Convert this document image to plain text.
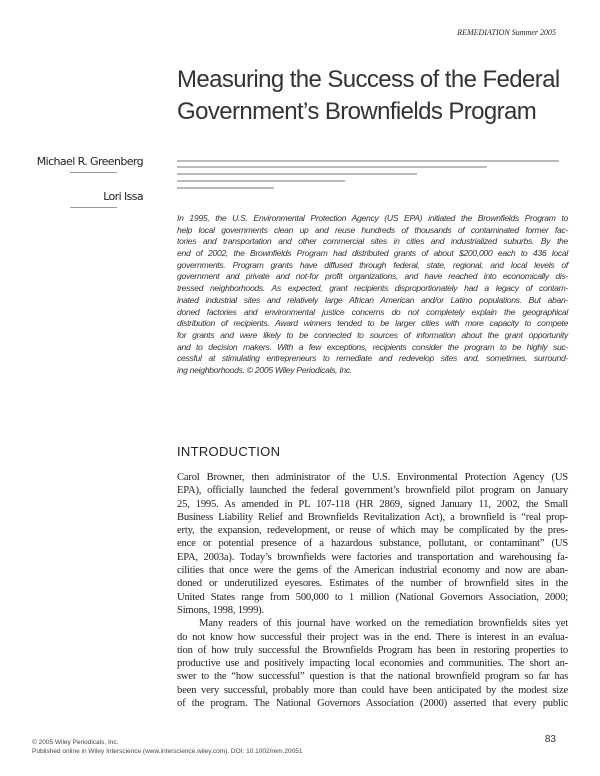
REMEDIATION Summer 2005
Measuring the Success of the Federal
Government’s Brownfields Program
Michael R. Greenberg
Lori Issa
In 1995, the U.S. Environmental Protection Agency (US EPA) initiated the Brownfields Program to
help local governments clean up and reuse hundreds of thousands of contaminated former fac-
tories and transportation and other commercial sites in cities and industrialized suburbs. By the
end of 2002, the Brownfields Program had distributed grants of about $200,000 each to 436 local
governments. Program grants have diffused through federal, state, regional, and local levels of
government and private and not-for profit organizations, and have reached into economically dis-
tressed neighborhoods. As expected, grant recipients disproportionately had a legacy of contam-
inated industrial sites and relatively large African American and/or Latino populations. But aban-
doned factories and environmental justice concerns do not completely explain the geographical
distribution of recipients. Award winners tended to be larger cities with more capacity to compete
for grants and were likely to be connected to sources of information about the grant opportunity
and to decision makers. With a few exceptions, recipients consider the program to be highly suc-
cessful at stimulating entrepreneurs to remediate and redevelop sites and, sometimes, surround-
ing neighborhoods. © 2005 Wiley Periodicals, Inc.
INTRODUCTION
Carol Browner, then administrator of the U.S. Environmental Protection Agency (US
EPA), officially launched the federal government’s brownfield pilot program on January
25, 1995. As amended in PL 107-118 (HR 2869, signed January 11, 2002, the Small
Business Liability Relief and Brownfields Revitalization Act), a brownfield is “real prop-
erty, the expansion, redevelopment, or reuse of which may be complicated by the pres-
ence or potential presence of a hazardous substance, pollutant, or contaminant” (US
EPA, 2003a). Today’s brownfields were factories and transportation and warehousing fa-
cilities that once were the gems of the American industrial economy and now are aban-
doned or underutilized eyesores. Estimates of the number of brownfield sites in the
United States range from 500,000 to 1 million (National Governors Association, 2000;
Simons, 1998, 1999).
Many readers of this journal have worked on the remediation brownfields sites yet
do not know how successful their project was in the end. There is interest in an evalua-
tion of how truly successful the Brownfields Program has been in restoring properties to
productive use and positively impacting local economies and communities. The short an-
swer to the “how successful” question is that the national brownfield program so far has
been very successful, probably more than could have been anticipated by the modest size
of the program. The National Governors Association (2000) asserted that every public
© 2005 Wiley Periodicals, Inc.
Published online in Wiley Interscience (www.interscience.wiley.com). DOI: 10.1002/rem.20051
83
